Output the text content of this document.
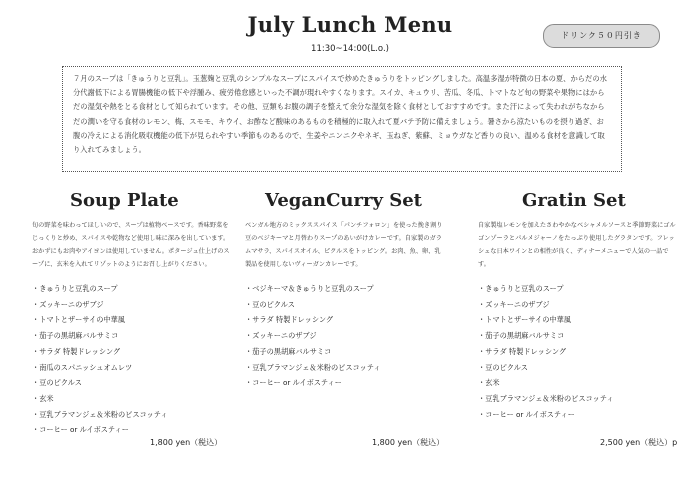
July Lunch Menu
11:30~14:00(L.o.)
ドリンク５０円引き
７月のスープは「きゅうりと豆乳」。玉葱麹と豆乳のシンプルなスープにスパイスで炒めたきゅうりをトッピングしました。高温多湿が特徴の日本の夏、からだの水分代謝低下による胃腸機能の低下や浮腫み、疲労倦怠感といった不調が現れやすくなります。スイカ、キュウリ、苦瓜、冬瓜、トマトなど旬の野菜や果物にはからだの湿気や熱をとる食材として知られています。その他、豆類もお腹の調子を整えて余分な湿気を除く食材としておすすめです。また汗によって失われがちなからだの潤いを守る食材のレモン、梅、スモモ、キウイ、お酢など酸味のあるものを積極的に取入れて夏バテ予防に備えましょう。暑さから涼たいものを摂り過ぎ、お腹の冷えによる消化吸収機能の低下が見られやすい季節ものあるので、生姜やニンニクやネギ、玉ねぎ、紫蘇、ミョウガなど香りの良い、温める食材を意識して取り入れてみましょう。
Soup Plate
旬の野菜を味わってほしいので、スープは植物ベースです。香味野菜をじっくりと炒め、スパイスや乾物など使用し味に深みを出しています。おかずにもお肉やアイヨンは使用していません。ポタージュ仕上げのスープに、玄米を入れてリゾットのようにお召し上がりください。
・ きゅうりと豆乳のスープ
・ ズッキーニのザブジ
・ トマトとザーサイの中華風
・ 茄子の黒胡麻バルサミコ
・ サラダ 特製ドレッシング
・ 南瓜のスパニッシュオムレツ
・ 豆のピクルス
・ 玄米
・ 豆乳ブラマンジェ＆米粉のビスコッティ
・ コーヒー or ルイボスティー
VeganCurry Set
ベンガル地方のミックススパイス「パンチフォロン」を使った挽き割り豆のベジキーマと月替わりスープのあいがけカレーです。自家製のガラムマサラ、スパイスオイル、ピクルスをトッピング。お肉、魚、卵、乳製品を使用しないヴィーガンカレーです。
・ ベジキーマ＆きゅうりと豆乳のスープ
・ 豆のピクルス
・ サラダ 特製ドレッシング
・ ズッキーニのザブジ
・ 茄子の黒胡麻バルサミコ
・ 豆乳ブラマンジェ＆米粉のビスコッティ
・ コーヒー or ルイボスティー
Gratin Set
自家製塩レモンを加えたさわやかなベシャメルソースと季節野菜にゴルゴンゾーラとパルメジャーノをたっぷり使用したグラタンです。フレッシュな日本ワインとの相性が良く、ディナーメニューで人気の一品です。
・ きゅうりと豆乳のスープ
・ ズッキーニのザブジ
・ トマトとザーサイの中華風
・ 茄子の黒胡麻バルサミコ
・ サラダ 特製ドレッシング
・ 豆のピクルス
・ 玄米
・ 豆乳ブラマンジェ＆米粉のビスコッティ
・ コーヒー or ルイボスティー
1,800 yen（税込）	1,800 yen（税込）	2,500 yen（税込）p
